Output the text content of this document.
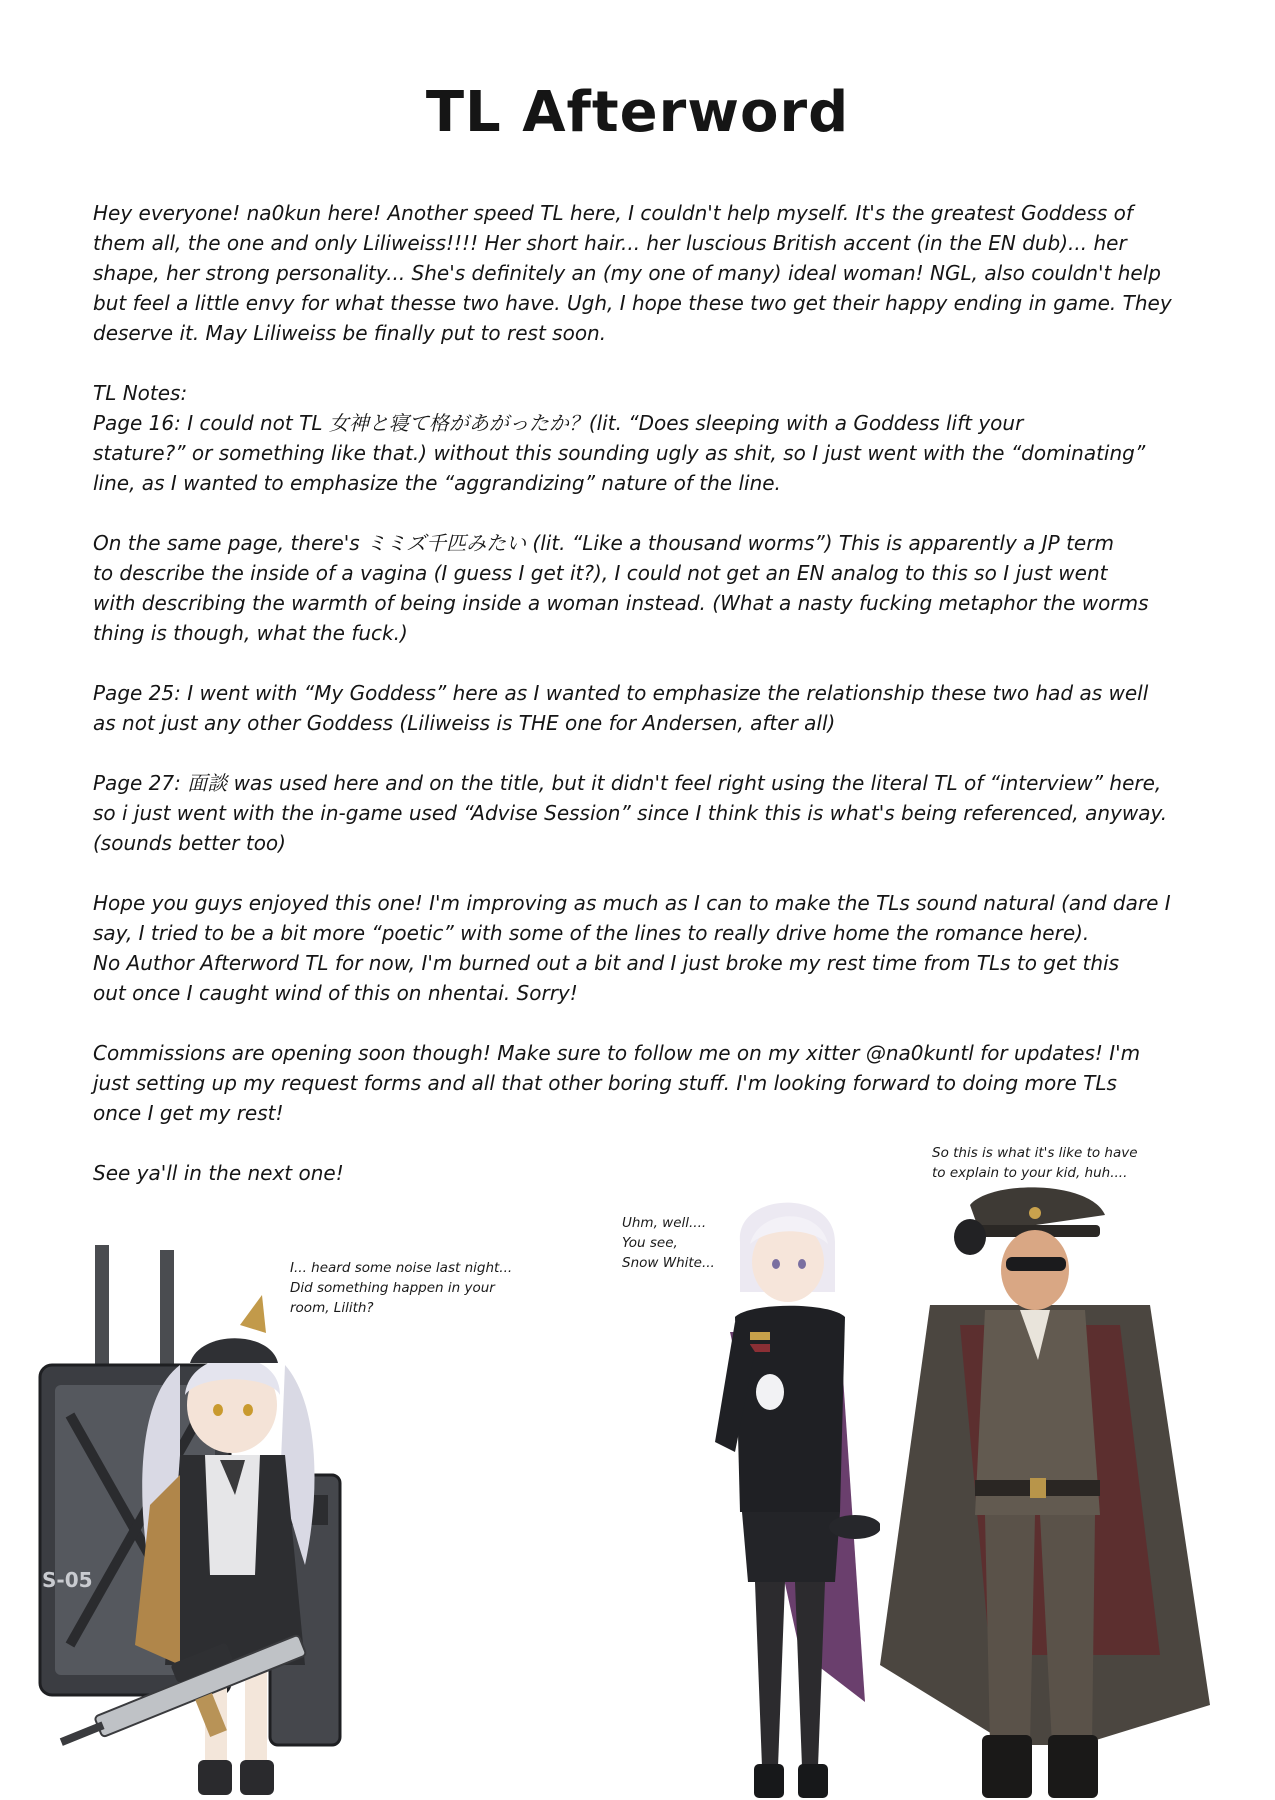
TL Afterword
Hey everyone! na0kun here! Another speed TL here, I couldn't help myself. It's the greatest Goddess of
them all, the one and only Liliweiss!!!! Her short hair... her luscious British accent (in the EN dub)... her
shape, her strong personality... She's definitely an (my one of many) ideal woman! NGL, also couldn't help
but feel a little envy for what thesse two have. Ugh, I hope these two get their happy ending in game. They
deserve it. May Liliweiss be finally put to rest soon.
TL Notes:
Page 16: I could not TL 女神と寝て格があがったか？(lit. “Does sleeping with a Goddess lift your
stature?” or something like that.) without this sounding ugly as shit, so I just went with the “dominating”
line, as I wanted to emphasize the “aggrandizing” nature of the line.
On the same page, there's ミミズ千匹みたい (lit. “Like a thousand worms”) This is apparently a JP term
to describe the inside of a vagina (I guess I get it?), I could not get an EN analog to this so I just went
with describing the warmth of being inside a woman instead. (What a nasty fucking metaphor the worms
thing is though, what the fuck.)
Page 25: I went with “My Goddess” here as I wanted to emphasize the relationship these two had as well
as not just any other Goddess (Liliweiss is THE one for Andersen, after all)
Page 27: 面談 was used here and on the title, but it didn't feel right using the literal TL of “interview” here,
so i just went with the in-game used “Advise Session” since I think this is what's being referenced, anyway.
(sounds better too)
Hope you guys enjoyed this one! I'm improving as much as I can to make the TLs sound natural (and dare I
say, I tried to be a bit more “poetic” with some of the lines to really drive home the romance here).
No Author Afterword TL for now, I'm burned out a bit and I just broke my rest time from TLs to get this
out once I caught wind of this on nhentai. Sorry!
Commissions are opening soon though! Make sure to follow me on my xitter @na0kuntl for updates! I'm
just setting up my request forms and all that other boring stuff. I'm looking forward to doing more TLs
once I get my rest!
See ya'll in the next one!
I... heard some noise last night...
Did something happen in your
room, Lilith?
Uhm, well....
You see,
Snow White...
So this is what it's like to have
to explain to your kid, huh....
S-05
